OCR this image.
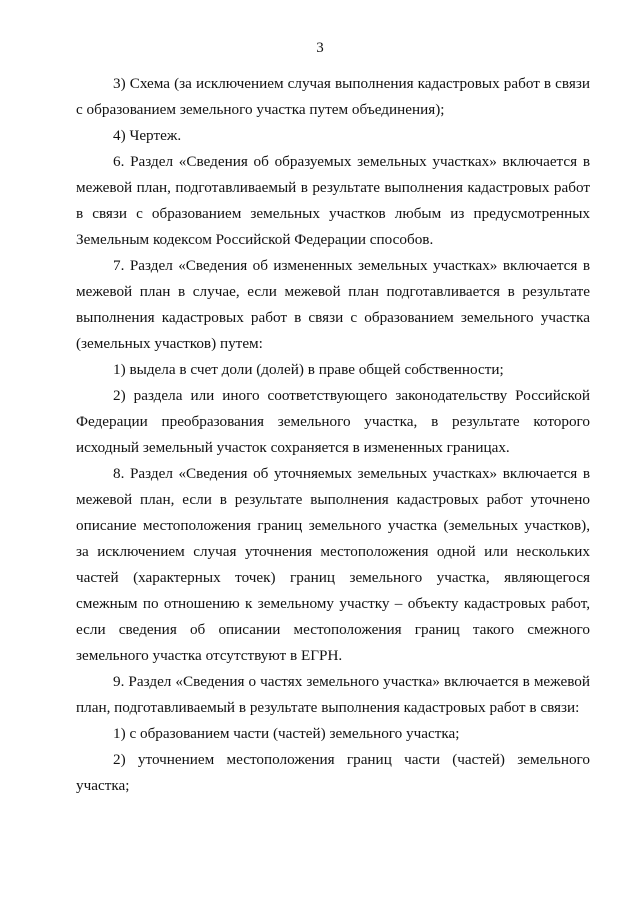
3

3) Схема (за исключением случая выполнения кадастровых работ в связи с образованием земельного участка путем объединения);

4) Чертеж.

6. Раздел «Сведения об образуемых земельных участках» включается в межевой план, подготавливаемый в результате выполнения кадастровых работ в связи с образованием земельных участков любым из предусмотренных Земельным кодексом Российской Федерации способов.

7. Раздел «Сведения об измененных земельных участках» включается в межевой план в случае, если межевой план подготавливается в результате выполнения кадастровых работ в связи с образованием земельного участка (земельных участков) путем:

1) выдела в счет доли (долей) в праве общей собственности;

2) раздела или иного соответствующего законодательству Российской Федерации преобразования земельного участка, в результате которого исходный земельный участок сохраняется в измененных границах.

8. Раздел «Сведения об уточняемых земельных участках» включается в межевой план, если в результате выполнения кадастровых работ уточнено описание местоположения границ земельного участка (земельных участков), за исключением случая уточнения местоположения одной или нескольких частей (характерных точек) границ земельного участка, являющегося смежным по отношению к земельному участку – объекту кадастровых работ, если сведения об описании местоположения границ такого смежного земельного участка отсутствуют в ЕГРН.

9. Раздел «Сведения о частях земельного участка» включается в межевой план, подготавливаемый в результате выполнения кадастровых работ в связи:

1) с образованием части (частей) земельного участка;

2) уточнением местоположения границ части (частей) земельного участка;
